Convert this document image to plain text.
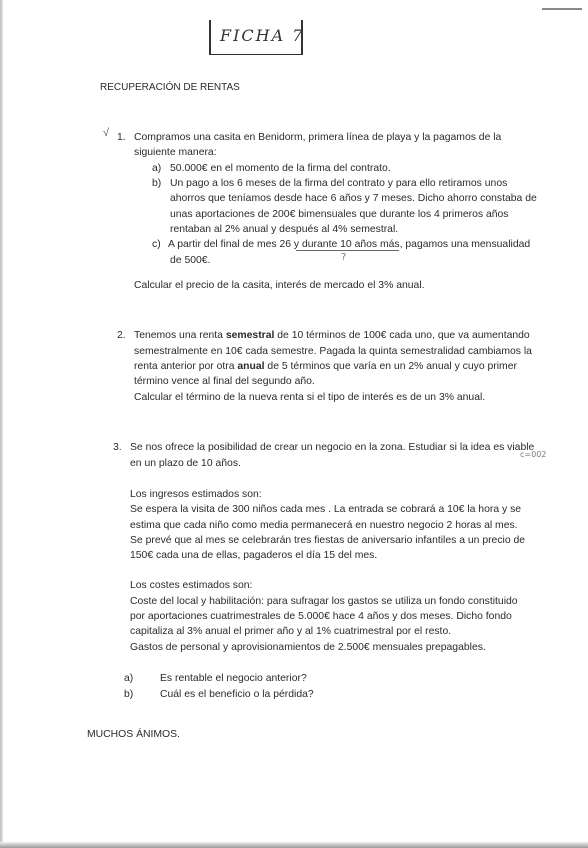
FICHA 7
RECUPERACIÓN DE RENTAS
√ 1. Compramos una casita en Benidorm, primera línea de playa y la pagamos de la
siguiente manera:
a) 50.000€ en el momento de la firma del contrato.
b) Un pago a los 6 meses de la firma del contrato y para ello retiramos unos
ahorros que teníamos desde hace 6 años y 7 meses. Dicho ahorro constaba de
unas aportaciones de 200€ bimensuales que durante los 4 primeros años
rentaban al 2% anual y después al 4% semestral.
c) A partir del final de mes 26 y durante 10 años más, pagamos una mensualidad
?
de 500€.
Calcular el precio de la casita, interés de mercado el 3% anual.
2. Tenemos una renta semestral de 10 términos de 100€ cada uno, que va aumentando
semestralmente en 10€ cada semestre. Pagada la quinta semestralidad cambiamos la
renta anterior por otra anual de 5 términos que varía en un 2% anual y cuyo primer
término vence al final del segundo año.
Calcular el término de la nueva renta si el tipo de interés es de un 3% anual.
3. Se nos ofrece la posibilidad de crear un negocio en la zona. Estudiar si la idea es viable
c=002
en un plazo de 10 años.
Los ingresos estimados son:
Se espera la visita de 300 niños cada mes . La entrada se cobrará a 10€ la hora y se
estima que cada niño como media permanecerá en nuestro negocio 2 horas al mes.
Se prevé que al mes se celebrarán tres fiestas de aniversario infantiles a un precio de
150€ cada una de ellas, pagaderos el día 15 del mes.
Los costes estimados son:
Coste del local y habilitación: para sufragar los gastos se utiliza un fondo constituido
por aportaciones cuatrimestrales de 5.000€ hace 4 años y dos meses. Dicho fondo
capitaliza al 3% anual el primer año y al 1% cuatrimestral por el resto.
Gastos de personal y aprovisionamientos de 2.500€ mensuales prepagables.
a)	Es rentable el negocio anterior?
b)	Cuál es el beneficio o la pérdida?
MUCHOS ÁNIMOS.
